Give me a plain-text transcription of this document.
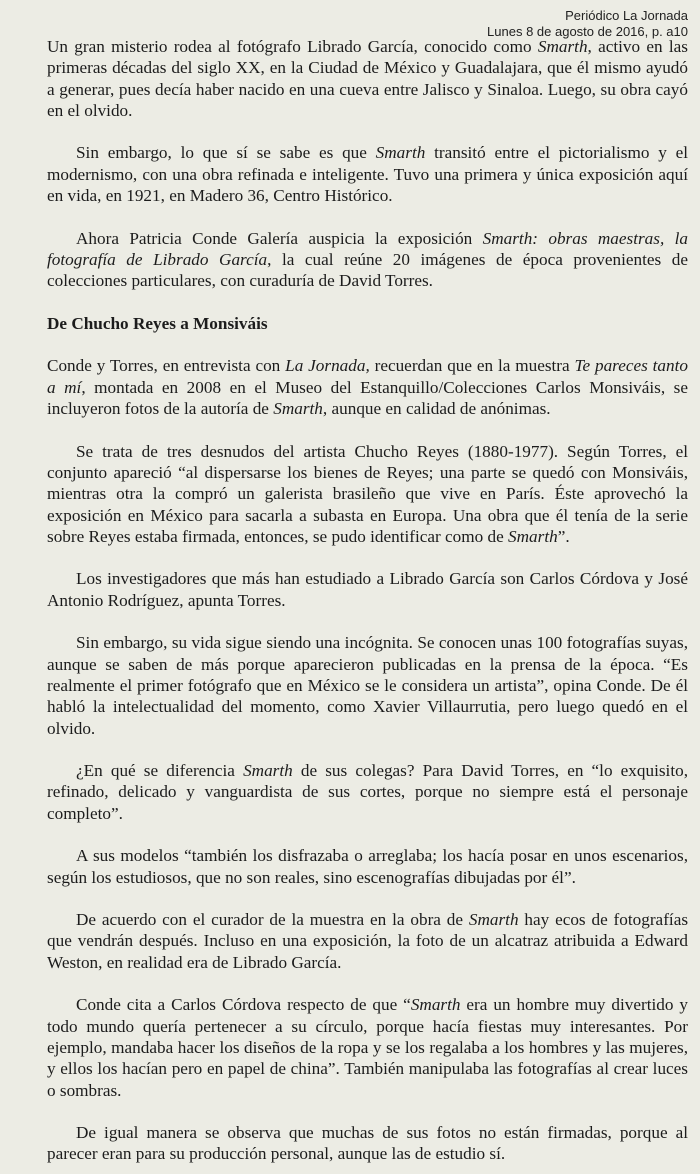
Periódico La Jornada
Lunes 8 de agosto de 2016, p. a10

Un gran misterio rodea al fotógrafo Librado García, conocido como Smarth, activo en las primeras décadas del siglo XX, en la Ciudad de México y Guadalajara, que él mismo ayudó a generar, pues decía haber nacido en una cueva entre Jalisco y Sinaloa. Luego, su obra cayó en el olvido.

Sin embargo, lo que sí se sabe es que Smarth transitó entre el pictorialismo y el modernismo, con una obra refinada e inteligente. Tuvo una primera y única exposición aquí en vida, en 1921, en Madero 36, Centro Histórico.

Ahora Patricia Conde Galería auspicia la exposición Smarth: obras maestras, la fotografía de Librado García, la cual reúne 20 imágenes de época provenientes de colecciones particulares, con curaduría de David Torres.

De Chucho Reyes a Monsiváis

Conde y Torres, en entrevista con La Jornada, recuerdan que en la muestra Te pareces tanto a mí, montada en 2008 en el Museo del Estanquillo/Colecciones Carlos Monsiváis, se incluyeron fotos de la autoría de Smarth, aunque en calidad de anónimas.

Se trata de tres desnudos del artista Chucho Reyes (1880-1977). Según Torres, el conjunto apareció “al dispersarse los bienes de Reyes; una parte se quedó con Monsiváis, mientras otra la compró un galerista brasileño que vive en París. Éste aprovechó la exposición en México para sacarla a subasta en Europa. Una obra que él tenía de la serie sobre Reyes estaba firmada, entonces, se pudo identificar como de Smarth”.

Los investigadores que más han estudiado a Librado García son Carlos Córdova y José Antonio Rodríguez, apunta Torres.

Sin embargo, su vida sigue siendo una incógnita. Se conocen unas 100 fotografías suyas, aunque se saben de más porque aparecieron publicadas en la prensa de la época. “Es realmente el primer fotógrafo que en México se le considera un artista”, opina Conde. De él habló la intelectualidad del momento, como Xavier Villaurrutia, pero luego quedó en el olvido.

¿En qué se diferencia Smarth de sus colegas? Para David Torres, en “lo exquisito, refinado, delicado y vanguardista de sus cortes, porque no siempre está el personaje completo”.

A sus modelos “también los disfrazaba o arreglaba; los hacía posar en unos escenarios, según los estudiosos, que no son reales, sino escenografías dibujadas por él”.

De acuerdo con el curador de la muestra en la obra de Smarth hay ecos de fotografías que vendrán después. Incluso en una exposición, la foto de un alcatraz atribuida a Edward Weston, en realidad era de Librado García.

Conde cita a Carlos Córdova respecto de que “Smarth era un hombre muy divertido y todo mundo quería pertenecer a su círculo, porque hacía fiestas muy interesantes. Por ejemplo, mandaba hacer los diseños de la ropa y se los regalaba a los hombres y las mujeres, y ellos los hacían pero en papel de china”. También manipulaba las fotografías al crear luces o sombras.

De igual manera se observa que muchas de sus fotos no están firmadas, porque al parecer eran para su producción personal, aunque las de estudio sí.
